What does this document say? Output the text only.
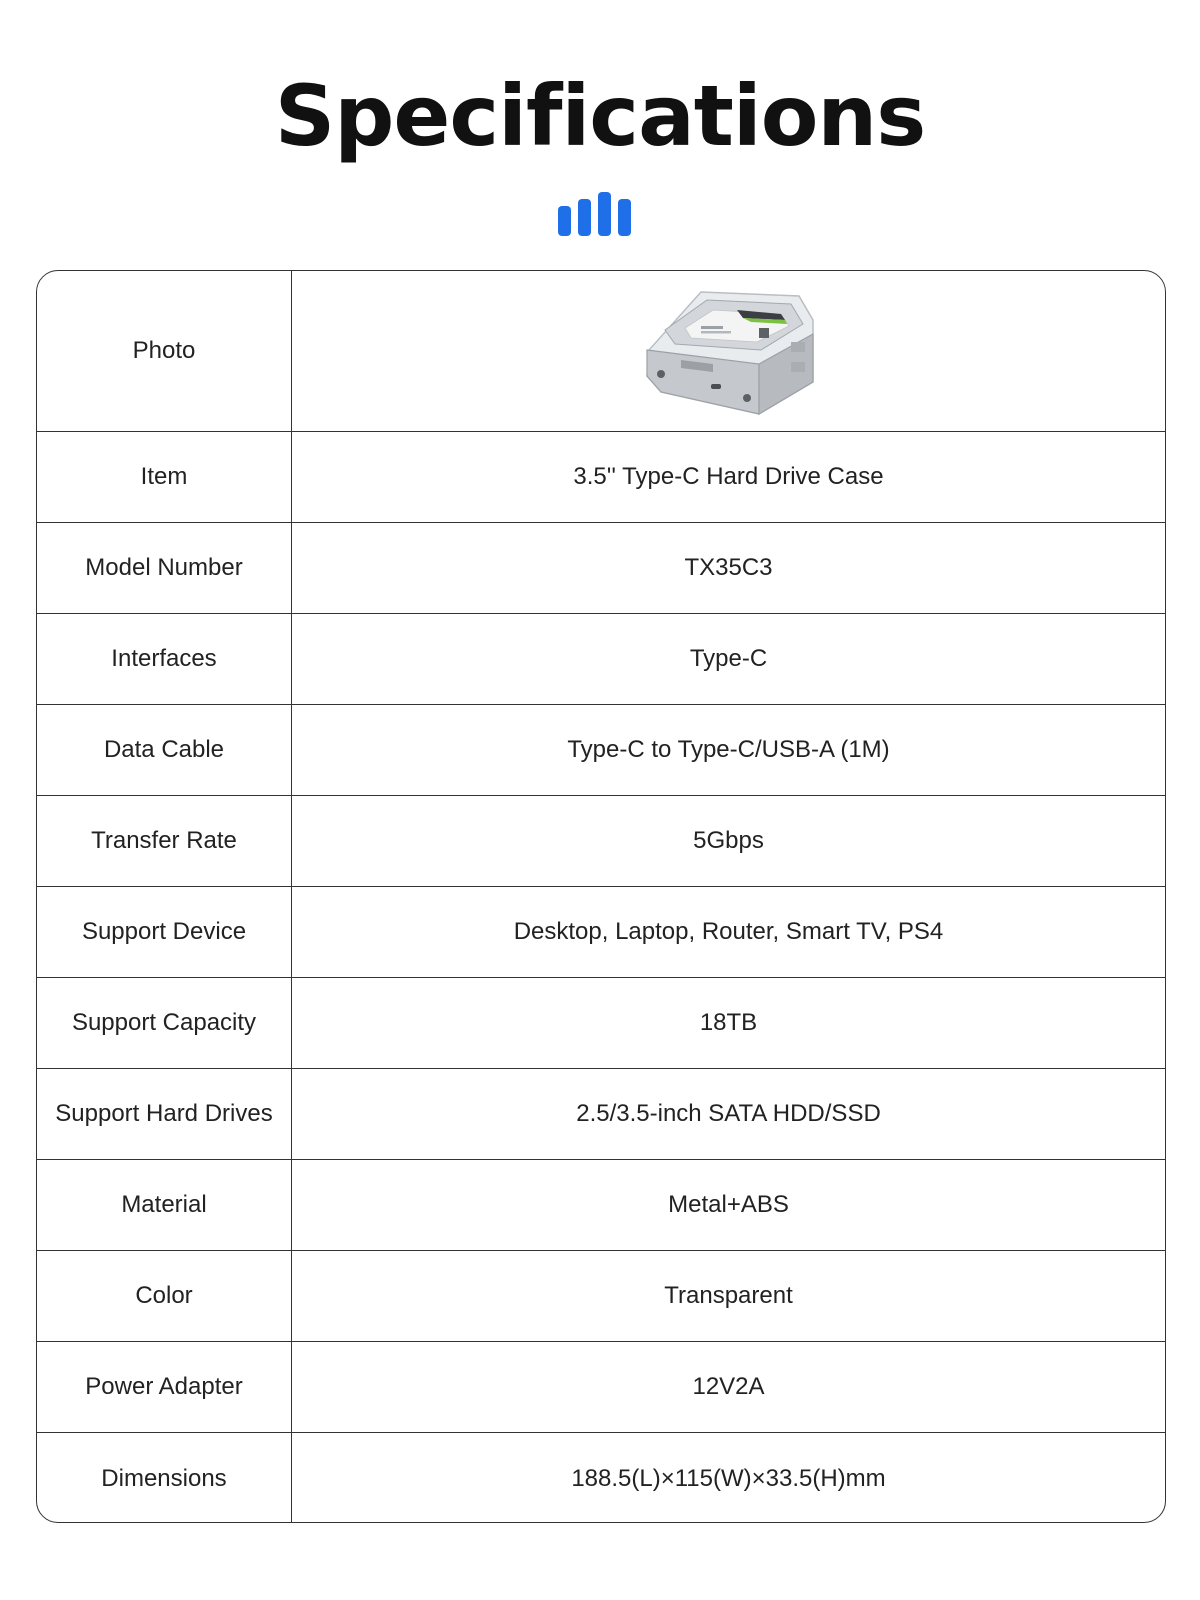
Specifications
Photo
Item	3.5'' Type-C Hard Drive Case
Model Number	TX35C3
Interfaces	Type-C
Data Cable	Type-C to Type-C/USB-A (1M)
Transfer Rate	5Gbps
Support Device	Desktop, Laptop, Router, Smart TV, PS4
Support Capacity	18TB
Support Hard Drives	2.5/3.5-inch SATA HDD/SSD
Material	Metal+ABS
Color	Transparent
Power Adapter	12V2A
Dimensions	188.5(L)×115(W)×33.5(H)mm
